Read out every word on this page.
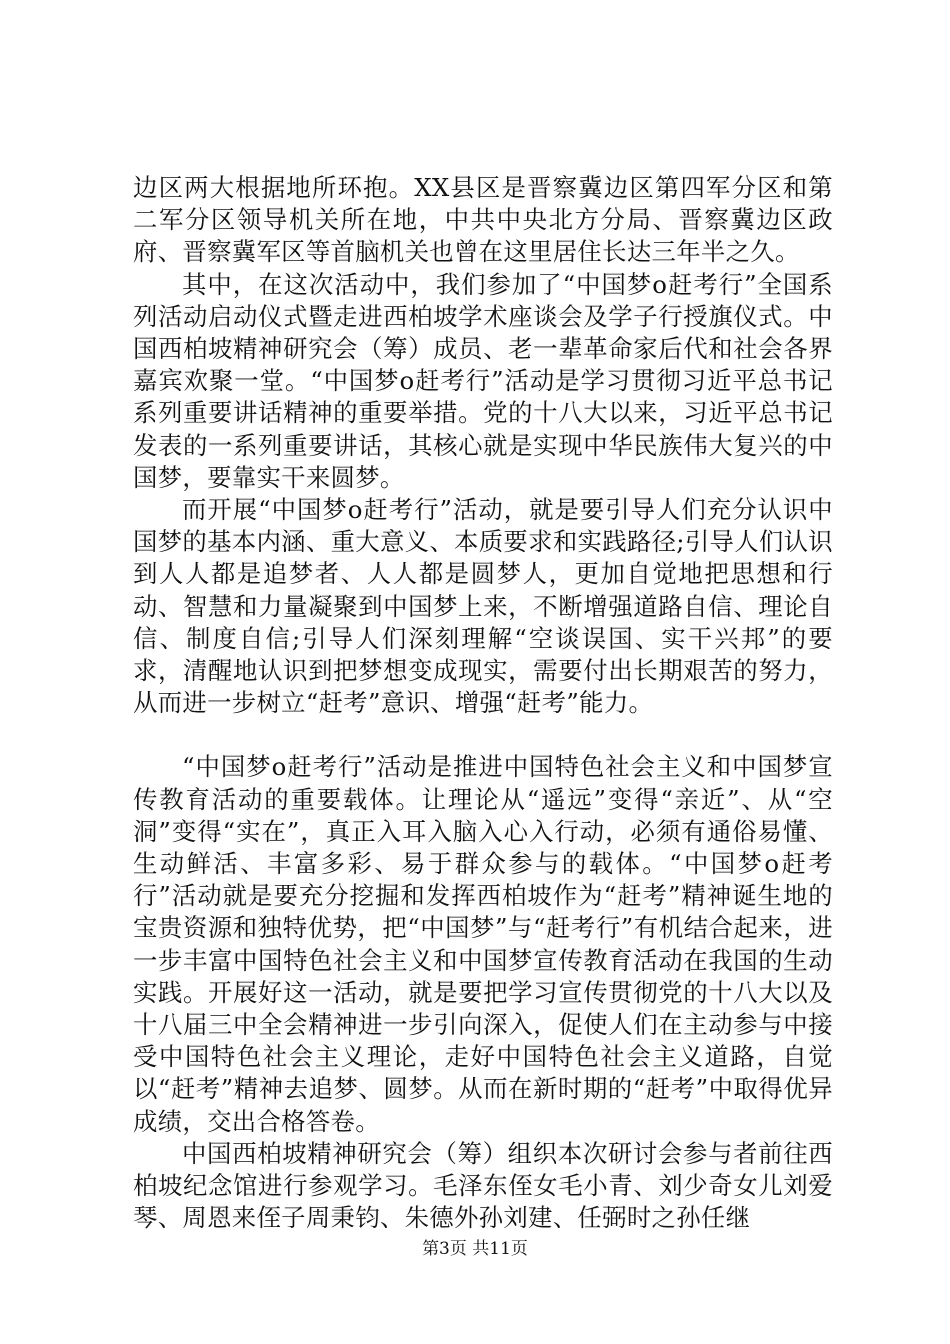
边区两大根据地所环抱。XX县区是晋察冀边区第四军分区和第二军分区领导机关所在地，中共中央北方分局、晋察冀边区政府、晋察冀军区等首脑机关也曾在这里居住长达三年半之久。

其中，在这次活动中，我们参加了“中国梦o赶考行”全国系列活动启动仪式暨走进西柏坡学术座谈会及学子行授旗仪式。中国西柏坡精神研究会（筹）成员、老一辈革命家后代和社会各界嘉宾欢聚一堂。“中国梦o赶考行”活动是学习贯彻习近平总书记系列重要讲话精神的重要举措。党的十八大以来，习近平总书记发表的一系列重要讲话，其核心就是实现中华民族伟大复兴的中国梦，要靠实干来圆梦。

而开展“中国梦o赶考行”活动，就是要引导人们充分认识中国梦的基本内涵、重大意义、本质要求和实践路径;引导人们认识到人人都是追梦者、人人都是圆梦人，更加自觉地把思想和行动、智慧和力量凝聚到中国梦上来，不断增强道路自信、理论自信、制度自信;引导人们深刻理解“空谈误国、实干兴邦”的要求，清醒地认识到把梦想变成现实，需要付出长期艰苦的努力，从而进一步树立“赶考”意识、增强“赶考”能力。

“中国梦o赶考行”活动是推进中国特色社会主义和中国梦宣传教育活动的重要载体。让理论从“遥远”变得“亲近”、从“空洞”变得“实在”，真正入耳入脑入心入行动，必须有通俗易懂、生动鲜活、丰富多彩、易于群众参与的载体。“中国梦o赶考行”活动就是要充分挖掘和发挥西柏坡作为“赶考”精神诞生地的宝贵资源和独特优势，把“中国梦”与“赶考行”有机结合起来，进一步丰富中国特色社会主义和中国梦宣传教育活动在我国的生动实践。开展好这一活动，就是要把学习宣传贯彻党的十八大以及十八届三中全会精神进一步引向深入，促使人们在主动参与中接受中国特色社会主义理论，走好中国特色社会主义道路，自觉以“赶考”精神去追梦、圆梦。从而在新时期的“赶考”中取得优异成绩，交出合格答卷。

中国西柏坡精神研究会（筹）组织本次研讨会参与者前往西柏坡纪念馆进行参观学习。毛泽东侄女毛小青、刘少奇女儿刘爱琴、周恩来侄子周秉钧、朱德外孙刘建、任弼时之孙任继

第3页 共11页
